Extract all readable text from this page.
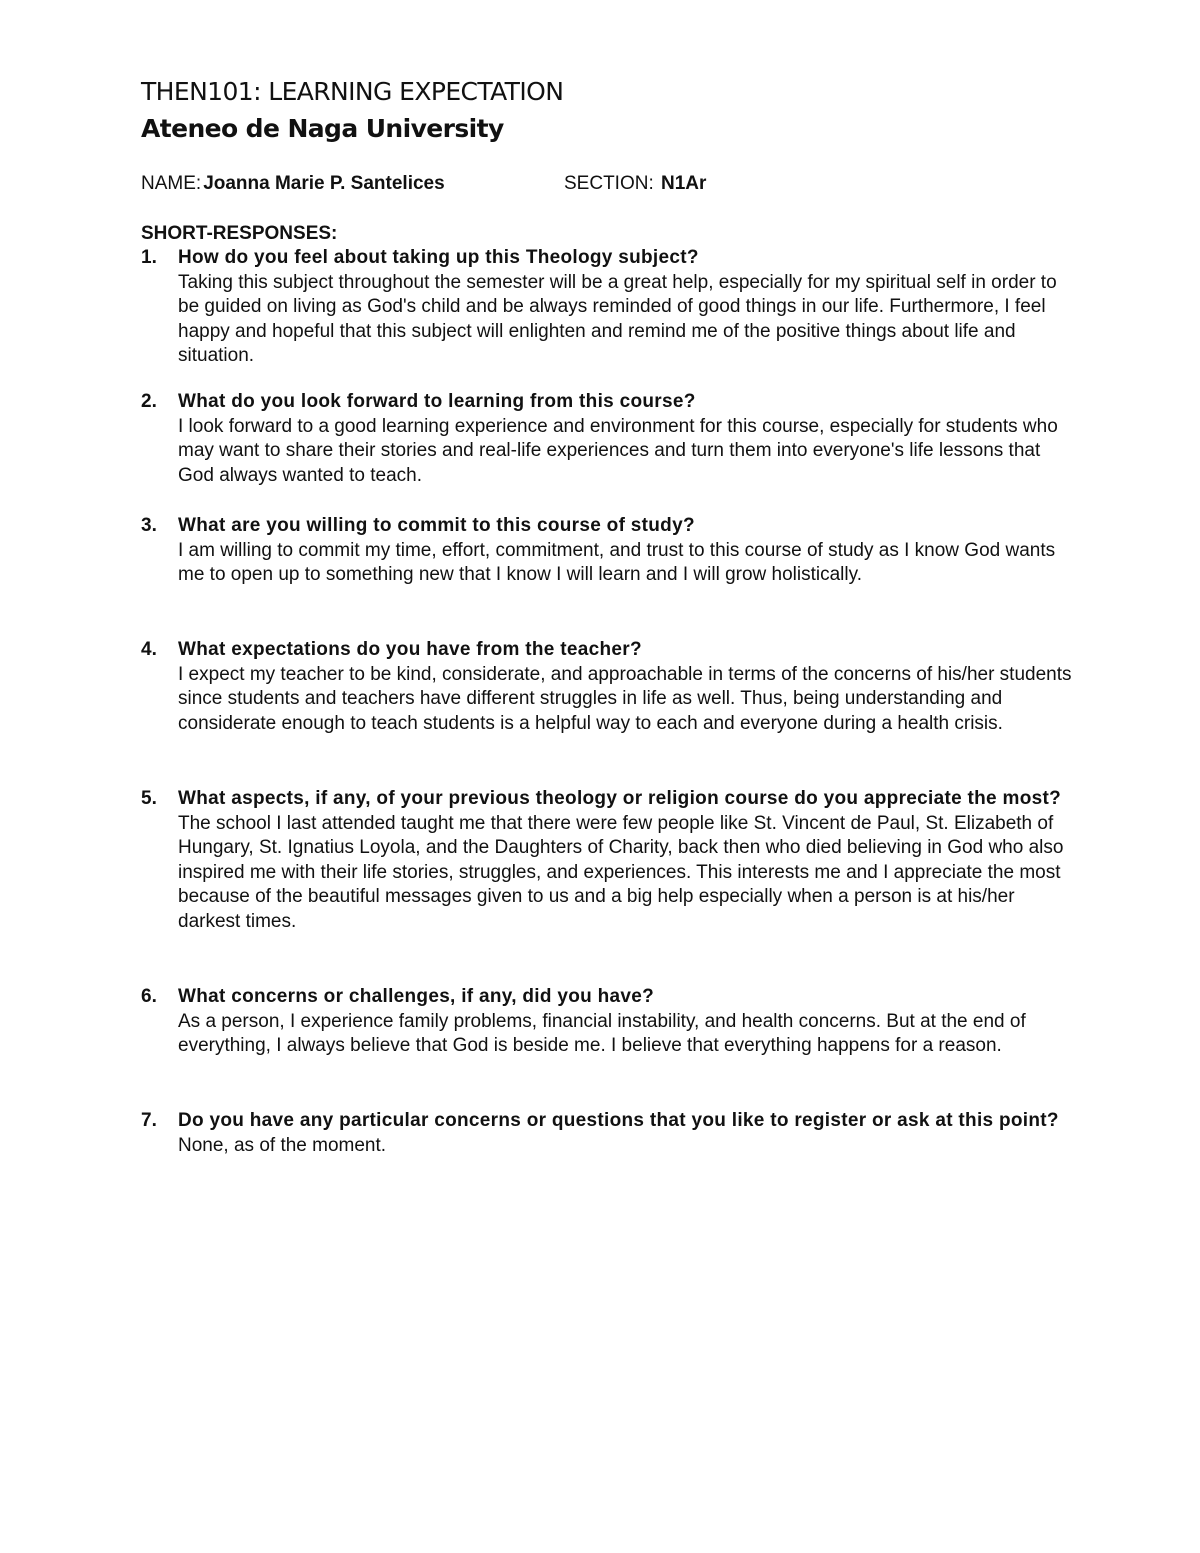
THEN101: LEARNING EXPECTATION
Ateneo de Naga University
NAME: Joanna Marie P. Santelices	SECTION: N1Ar
SHORT-RESPONSES:
1.	How do you feel about taking up this Theology subject?
Taking this subject throughout the semester will be a great help, especially for my spiritual self in order to be guided on living as God's child and be always reminded of good things in our life. Furthermore, I feel happy and hopeful that this subject will enlighten and remind me of the positive things about life and situation.
2.	What do you look forward to learning from this course?
I look forward to a good learning experience and environment for this course, especially for students who may want to share their stories and real-life experiences and turn them into everyone's life lessons that God always wanted to teach.
3.	What are you willing to commit to this course of study?
I am willing to commit my time, effort, commitment, and trust to this course of study as I know God wants me to open up to something new that I know I will learn and I will grow holistically.
4.	What expectations do you have from the teacher?
I expect my teacher to be kind, considerate, and approachable in terms of the concerns of his/her students since students and teachers have different struggles in life as well. Thus, being understanding and considerate enough to teach students is a helpful way to each and everyone during a health crisis.
5.	What aspects, if any, of your previous theology or religion course do you appreciate the most?
The school I last attended taught me that there were few people like St. Vincent de Paul, St. Elizabeth of Hungary, St. Ignatius Loyola, and the Daughters of Charity, back then who died believing in God who also inspired me with their life stories, struggles, and experiences. This interests me and I appreciate the most because of the beautiful messages given to us and a big help especially when a person is at his/her darkest times.
6.	What concerns or challenges, if any, did you have?
As a person, I experience family problems, financial instability, and health concerns. But at the end of everything, I always believe that God is beside me. I believe that everything happens for a reason.
7.	Do you have any particular concerns or questions that you like to register or ask at this point?
None, as of the moment.
